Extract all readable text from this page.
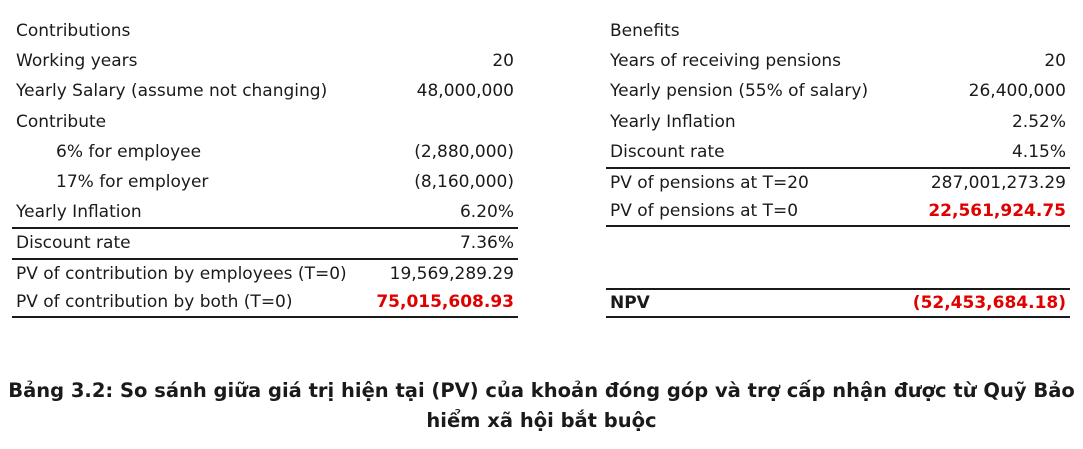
Contributions
Working years	20
Yearly Salary (assume not changing)	48,000,000
Contribute
6% for employee	(2,880,000)
17% for employer	(8,160,000)
Yearly Inflation	6.20%
Discount rate	7.36%
PV of contribution by employees (T=0)	19,569,289.29
PV of contribution by both (T=0)	75,015,608.93
Benefits
Years of receiving pensions	20
Yearly pension (55% of salary)	26,400,000
Yearly Inflation	2.52%
Discount rate	4.15%
PV of pensions at T=20	287,001,273.29
PV of pensions at T=0	22,561,924.75
NPV	(52,453,684.18)
Bảng 3.2: So sánh giữa giá trị hiện tại (PV) của khoản đóng góp và trợ cấp nhận được từ Quỹ Bảo
hiểm xã hội bắt buộc
